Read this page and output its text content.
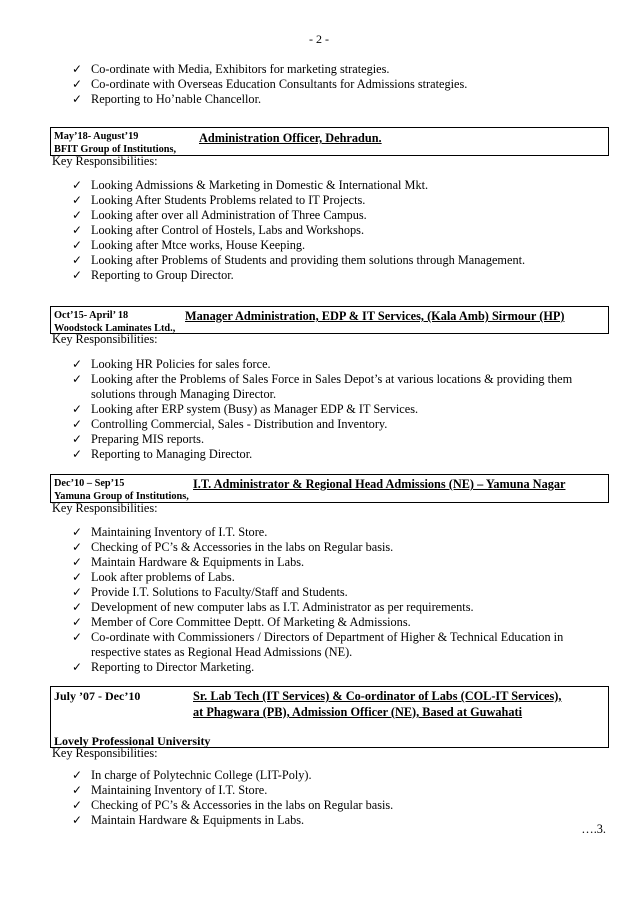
- 2 -
✓ Co-ordinate with Media, Exhibitors for marketing strategies.
✓ Co-ordinate with Overseas Education Consultants for Admissions strategies.
✓ Reporting to Ho’nable Chancellor.
May’18- August’19
BFIT Group of Institutions,
Administration Officer, Dehradun.
Key Responsibilities:
✓ Looking Admissions & Marketing in Domestic & International Mkt.
✓ Looking After Students Problems related to IT Projects.
✓ Looking after over all Administration of Three Campus.
✓ Looking after Control of Hostels, Labs and Workshops.
✓ Looking after Mtce works, House Keeping.
✓ Looking after Problems of Students and providing them solutions through Management.
✓ Reporting to Group Director.
Oct’15- April’ 18
Woodstock Laminates Ltd.,
Manager Administration, EDP & IT Services, (Kala Amb) Sirmour (HP)
Key Responsibilities:
✓ Looking HR Policies for sales force.
✓ Looking after the Problems of Sales Force in Sales Depot’s at various locations & providing them solutions through Managing Director.
✓ Looking after ERP system (Busy) as Manager EDP & IT Services.
✓ Controlling Commercial, Sales - Distribution and Inventory.
✓ Preparing MIS reports.
✓ Reporting to Managing Director.
Dec’10 – Sep’15
Yamuna Group of Institutions,
I.T. Administrator & Regional Head Admissions (NE) – Yamuna Nagar
Key Responsibilities:
✓ Maintaining Inventory of I.T. Store.
✓ Checking of PC’s & Accessories in the labs on Regular basis.
✓ Maintain Hardware & Equipments in Labs.
✓ Look after problems of Labs.
✓ Provide I.T. Solutions to Faculty/Staff and Students.
✓ Development of new computer labs as I.T. Administrator as per requirements.
✓ Member of Core Committee Deptt. Of Marketing & Admissions.
✓ Co-ordinate with Commissioners / Directors of Department of Higher & Technical Education in respective states as Regional Head Admissions (NE).
✓ Reporting to Director Marketing.
July ’07 - Dec’10	Sr. Lab Tech (IT Services) & Co-ordinator of Labs (COL-IT Services),
at Phagwara (PB), Admission Officer (NE), Based at Guwahati
Lovely Professional University
Key Responsibilities:
✓ In charge of Polytechnic College (LIT-Poly).
✓ Maintaining Inventory of I.T. Store.
✓ Checking of PC’s & Accessories in the labs on Regular basis.
✓ Maintain Hardware & Equipments in Labs.
….3.
